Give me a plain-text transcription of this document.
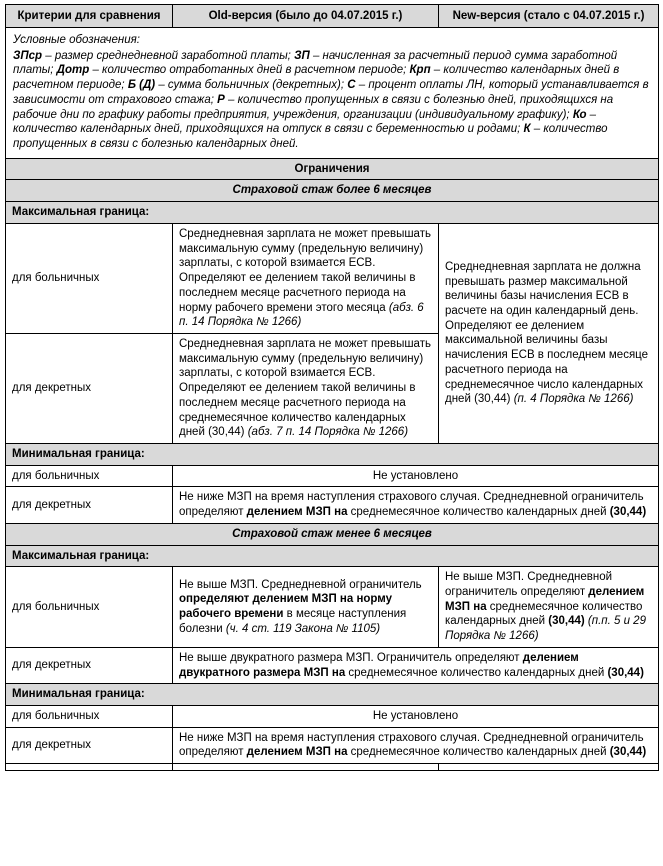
Критерии для сравнения	Old-версия (было до 04.07.2015 г.)	New-версия (стало с 04.07.2015 г.)

Условные обозначения:
ЗПср – размер среднедневной заработной платы; ЗП – начисленная за расчетный период сумма заработной платы; Дотр – количество отработанных дней в расчетном периоде; Крп – количество календарных дней в расчетном периоде; Б (Д) – сумма больничных (декретных); С – процент оплаты ЛН, который устанавливается в зависимости от страхового стажа; Р – количество пропущенных в связи с болезнью дней, приходящихся на рабочие дни по графику работы предприятия, учреждения, организации (индивидуальному графику); Ко – количество календарных дней, приходящихся на отпуск в связи с беременностью и родами; К – количество пропущенных в связи с болезнью календарных дней.		

Ограничения		
Страховой стаж более 6 месяцев		
Максимальная граница:		
для больничных	Среднедневная зарплата не может превышать максимальную сумму (предельную величину) зарплаты, с которой взимается ЕСВ. Определяют ее делением такой величины в последнем месяце расчетного периода на норму рабочего времени этого месяца (абз. 6 п. 14 Порядка № 1266)	Среднедневная зарплата не должна превышать размер максимальной величины базы начисления ЕСВ в расчете на один календарный день. Определяют ее делением максимальной величины базы начисления ЕСВ в последнем месяце расчетного периода на среднемесячное число календарных дней (30,44) (п. 4 Порядка № 1266)
для декретных	Среднедневная зарплата не может превышать максимальную сумму (предельную величину) зарплаты, с которой взимается ЕСВ. Определяют ее делением такой величины в последнем месяце расчетного периода на среднемесячное количество календарных дней (30,44) (абз. 7 п. 14 Порядка № 1266)	
Минимальная граница:		
для больничных	Не установлено	
для декретных	Не ниже МЗП на время наступления страхового случая. Среднедневной ограничитель определяют делением МЗП на среднемесячное количество календарных дней (30,44)	
Страховой стаж менее 6 месяцев		
Максимальная граница:		
для больничных	Не выше МЗП. Среднедневной ограничитель определяют делением МЗП на норму рабочего времени в месяце наступления болезни (ч. 4 ст. 119 Закона № 1105)	Не выше МЗП. Среднедневной ограничитель определяют делением МЗП на среднемесячное количество календарных дней (30,44) (п.п. 5 и 29 Порядка № 1266)
для декретных	Не выше двукратного размера МЗП. Ограничитель определяют делением двукратного размера МЗП на среднемесячное количество календарных дней (30,44)	
Минимальная граница:		
для больничных	Не установлено	
для декретных	Не ниже МЗП на время наступления страхового случая. Среднедневной ограничитель определяют делением МЗП на среднемесячное количество календарных дней (30,44)	
